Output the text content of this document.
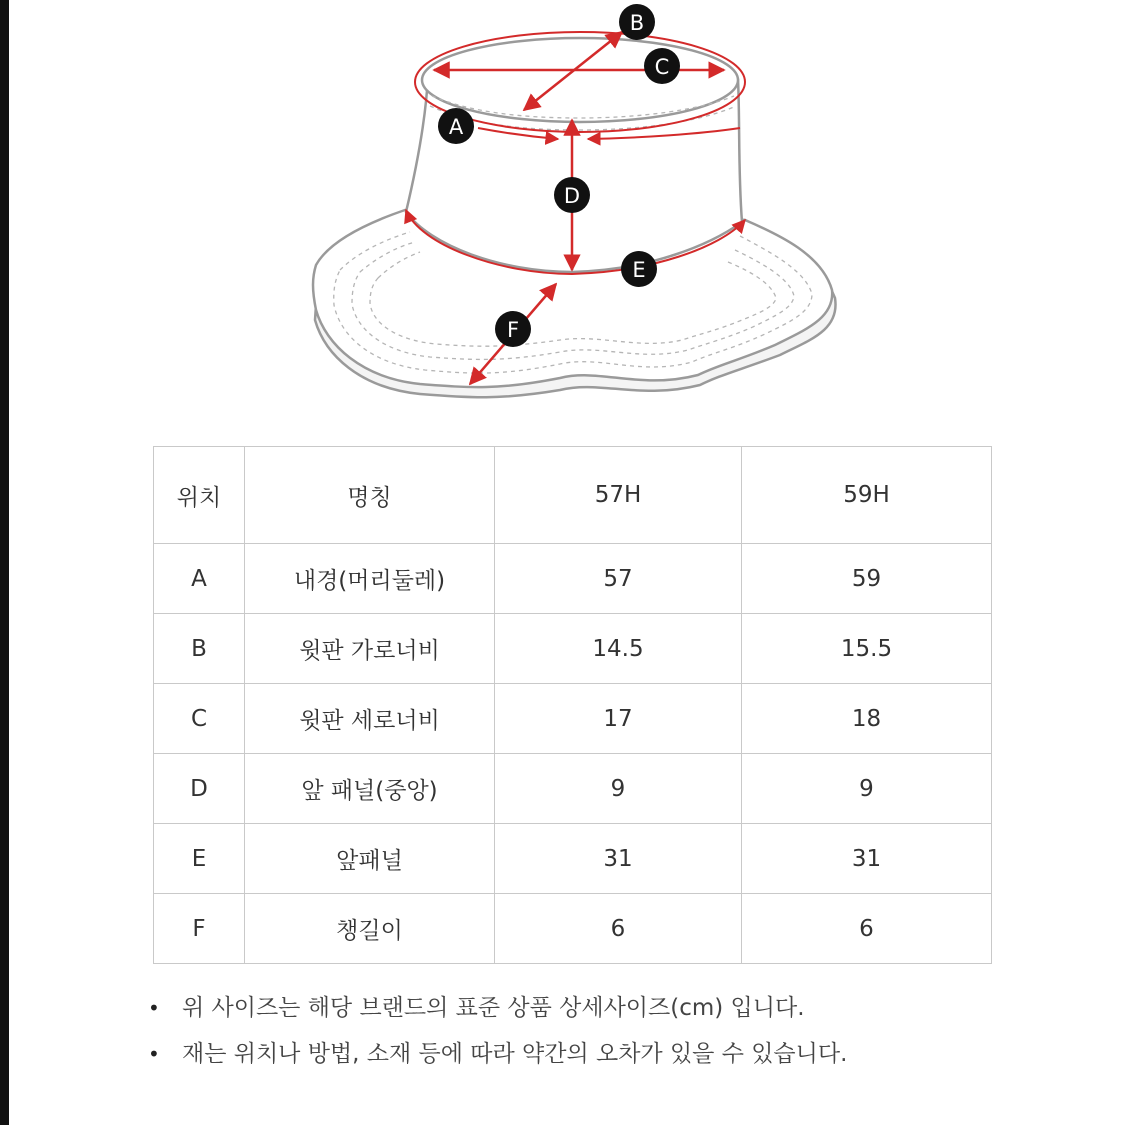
B
C
A
D
E
F
위치	명칭	57H	59H
A	내경(머리둘레)	57	59
B	윗판 가로너비	14.5	15.5
C	윗판 세로너비	17	18
D	앞 패널(중앙)	9	9
E	앞패널	31	31
F	챙길이	6	6
• 위 사이즈는 해당 브랜드의 표준 상품 상세사이즈(cm) 입니다.
• 재는 위치나 방법, 소재 등에 따라 약간의 오차가 있을 수 있습니다.
